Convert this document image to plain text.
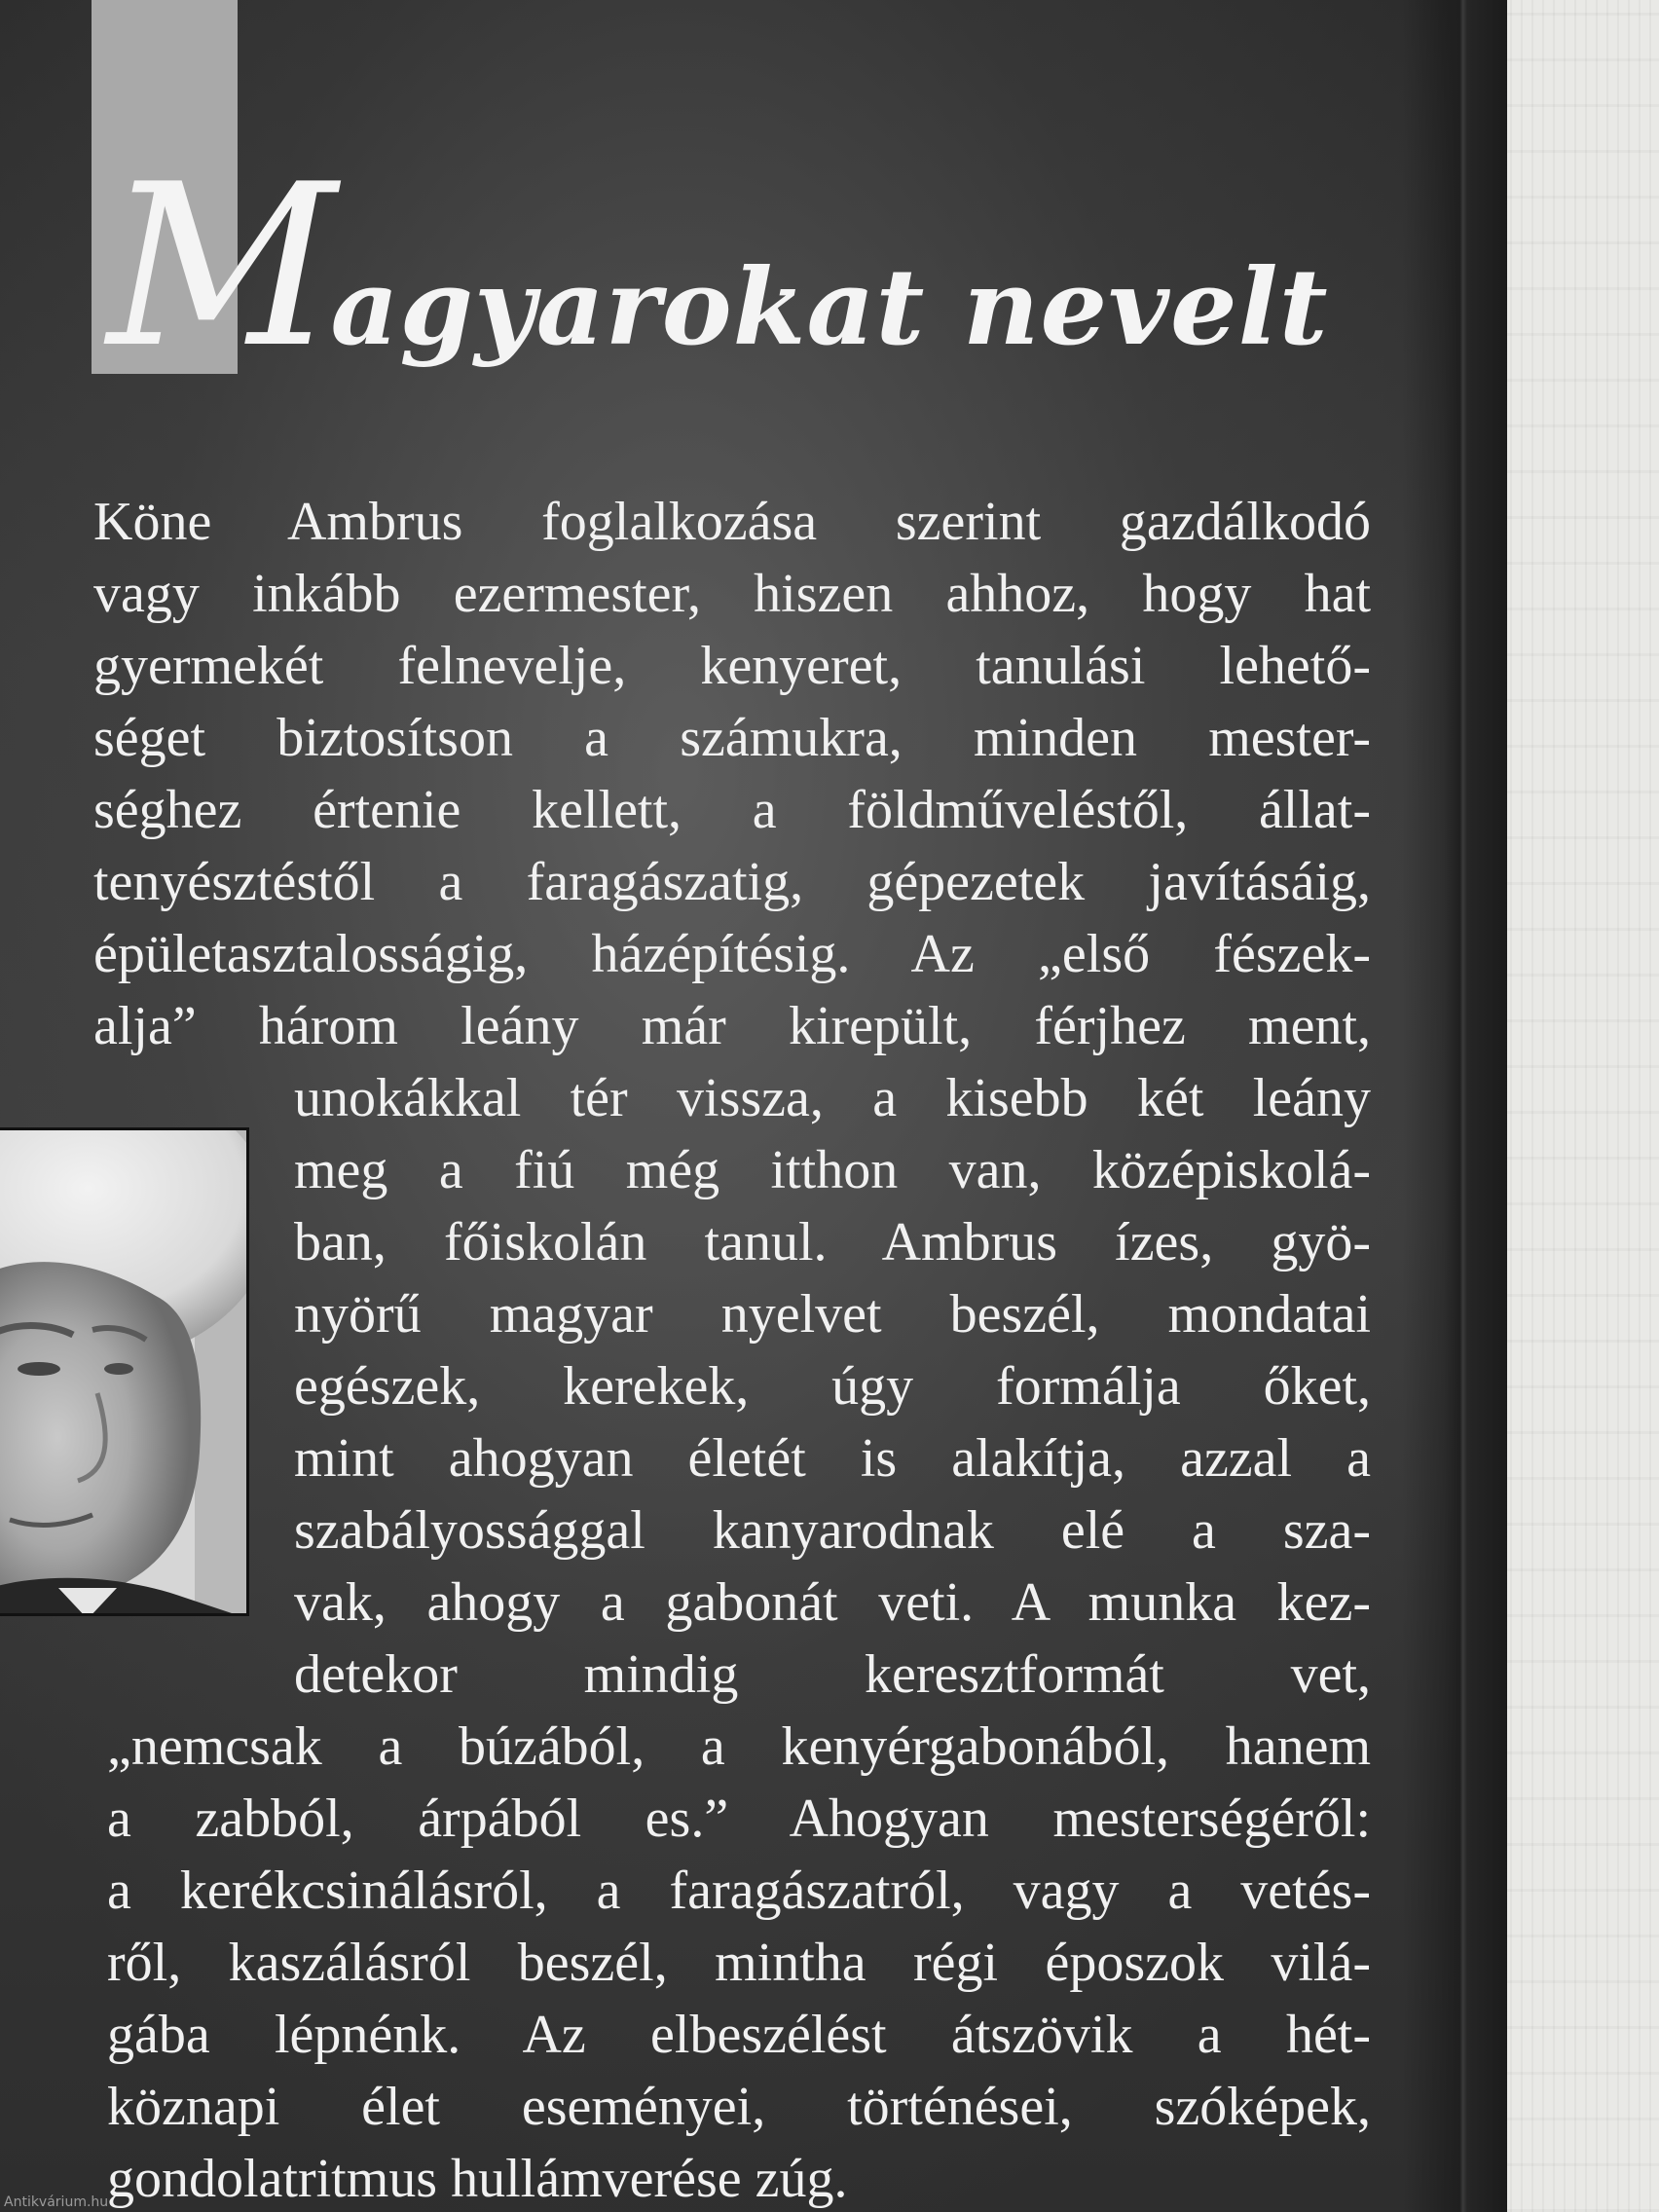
Magyarokat nevelt
Köne Ambrus foglalkozása szerint gazdálkodó
vagy inkább ezermester, hiszen ahhoz, hogy hat
gyermekét felnevelje, kenyeret, tanulási lehető-
séget biztosítson a számukra, minden mester-
séghez értenie kellett, a földműveléstől, állat-
tenyésztéstől a faragászatig, gépezetek javításáig,
épületasztalosságig, házépítésig. Az „első fészek-
alja” három leány már kirepült, férjhez ment,
unokákkal tér vissza, a kisebb két leány
meg a fiú még itthon van, középiskolá-
ban, főiskolán tanul. Ambrus ízes, gyö-
nyörű magyar nyelvet beszél, mondatai
egészek, kerekek, úgy formálja őket,
mint ahogyan életét is alakítja, azzal a
szabályossággal kanyarodnak elé a sza-
vak, ahogy a gabonát veti. A munka kez-
detekor mindig keresztformát vet,
„nemcsak a búzából, a kenyérgabonából, hanem
a zabból, árpából es.” Ahogyan mesterségéről:
a kerékcsinálásról, a faragászatról, vagy a vetés-
ről, kaszálásról beszél, mintha régi époszok vilá-
gába lépnénk. Az elbeszélést átszövik a hét-
köznapi élet eseményei, történései, szóképek,
gondolatritmus hullámverése zúg.
Antikvárium.hu
